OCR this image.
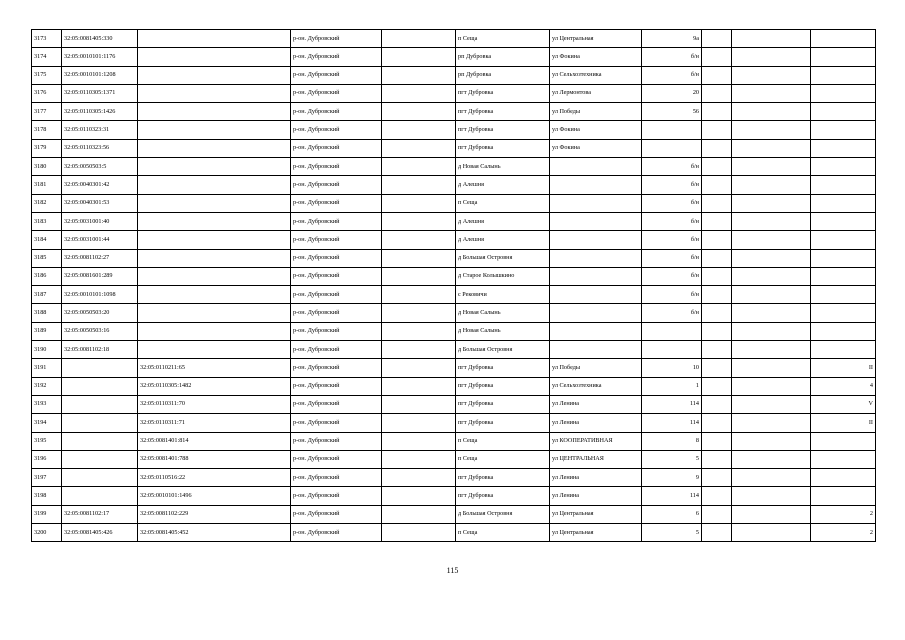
3173	32:05:0081405:330		р-он. Дубровский		п Сеща	ул Центральная	9а			
3174	32:05:0010101:1176		р-он. Дубровский		рп Дубровка	ул Фокина	б/н			
3175	32:05:0010101:1208		р-он. Дубровский		рп Дубровка	ул Сельхозтехника	б/н			
3176	32:05:0110305:1371		р-он. Дубровский		пгт Дубровка	ул Лермонтова	20			
3177	32:05:0110305:1426		р-он. Дубровский		пгт Дубровка	ул Победы	56			
3178	32:05:0110323:31		р-он. Дубровский		пгт Дубровка	ул Фокина				
3179	32:05:0110323:56		р-он. Дубровский		пгт Дубровка	ул Фокина				
3180	32:05:0050503:5		р-он. Дубровский		д Новая Салынь		б/н			
3181	32:05:0040301:42		р-он. Дубровский		д Алешня		б/н			
3182	32:05:0040301:53		р-он. Дубровский		п Сеща		б/н			
3183	32:05:0031001:40		р-он. Дубровский		д Алешня		б/н			
3184	32:05:0031001:44		р-он. Дубровский		д Алешня		б/н			
3185	32:05:0081102:27		р-он. Дубровский		д Большая Островня		б/н			
3186	32:05:0081601:289		р-он. Дубровский		д Старое Колышкино		б/н			
3187	32:05:0010101:1098		р-он. Дубровский		с Рековичи		б/н			
3188	32:05:0050503:20		р-он. Дубровский		д Новая Салынь		б/н			
3189	32:05:0050503:16		р-он. Дубровский		д Новая Салынь					
3190	32:05:0081102:18		р-он. Дубровский		д Большая Островня					
3191		32:05:0110211:65	р-он. Дубровский		пгт Дубровка	ул Победы	10			II
3192		32:05:0110305:1482	р-он. Дубровский		пгт Дубровка	ул Сельхозтехника	1			4
3193		32:05:0110311:70	р-он. Дубровский		пгт Дубровка	ул Ленина	114			V
3194		32:05:0110311:71	р-он. Дубровский		пгт Дубровка	ул Ленина	114			II
3195		32:05:0081401:814	р-он. Дубровский		п Сеща	ул КООПЕРАТИВНАЯ	8			
3196		32:05:0081401:788	р-он. Дубровский		п Сеща	ул ЦЕНТРАЛЬНАЯ	5			
3197		32:05:0110516:22	р-он. Дубровский		пгт Дубровка	ул Ленина	9			
3198		32:05:0010101:1496	р-он. Дубровский		пгт Дубровка	ул Ленина	114			
3199	32:05:0081102:17	32:05:0081102:229	р-он. Дубровский		д Большая Островня	ул Центральная	6			2
3200	32:05:0081405:426	32:05:0081405:452	р-он. Дубровский		п Сеща	ул Центральная	5			2
115
